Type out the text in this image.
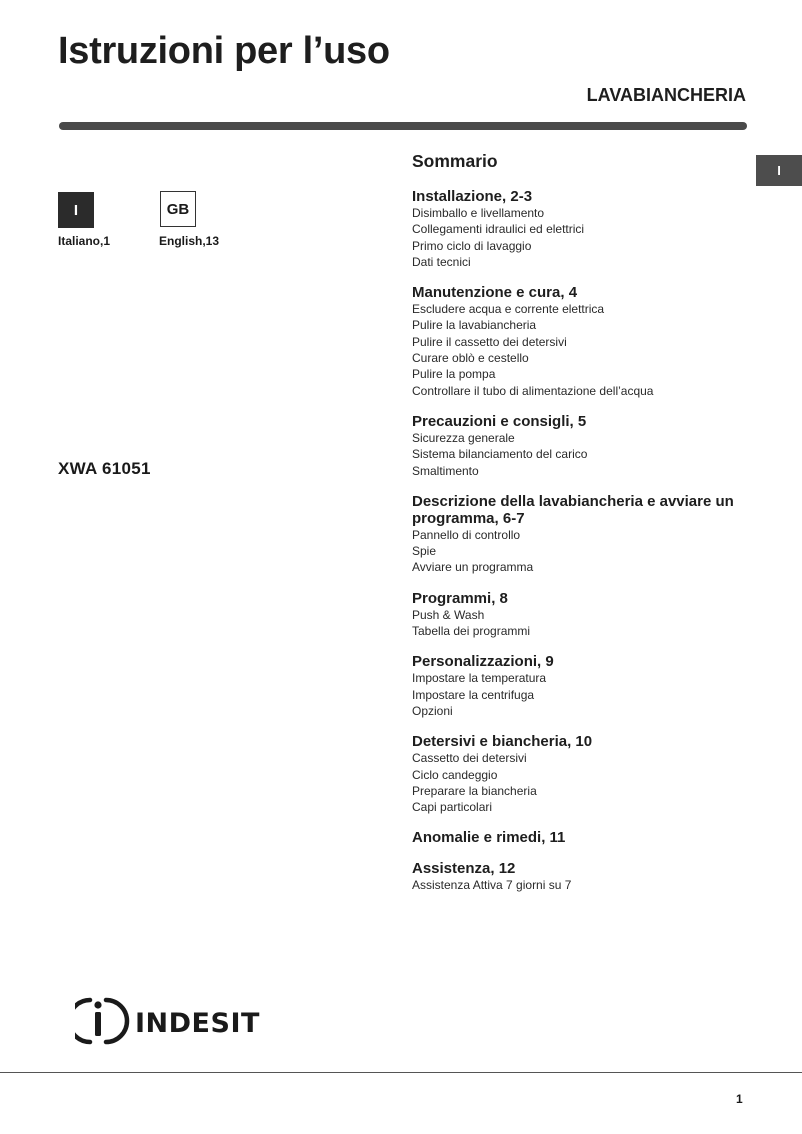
Istruzioni per l’uso
LAVABIANCHERIA
I
I
Italiano,1
GB
English,13
XWA 61051
Sommario
Installazione, 2-3
Disimballo e livellamento
Collegamenti idraulici ed elettrici
Primo ciclo di lavaggio
Dati tecnici
Manutenzione e cura, 4
Escludere acqua e corrente elettrica
Pulire la lavabiancheria
Pulire il cassetto dei detersivi
Curare oblò e cestello
Pulire la pompa
Controllare il tubo di alimentazione dell’acqua
Precauzioni e consigli, 5
Sicurezza generale
Sistema bilanciamento del carico
Smaltimento
Descrizione della lavabiancheria e avviare un programma, 6-7
Pannello di controllo
Spie
Avviare un programma
Programmi, 8
Push & Wash
Tabella dei programmi
Personalizzazioni, 9
Impostare la temperatura
Impostare la centrifuga
Opzioni
Detersivi e biancheria, 10
Cassetto dei detersivi
Ciclo candeggio
Preparare la biancheria
Capi particolari
Anomalie e rimedi, 11
Assistenza, 12
Assistenza Attiva 7 giorni su 7
INDESIT
1
